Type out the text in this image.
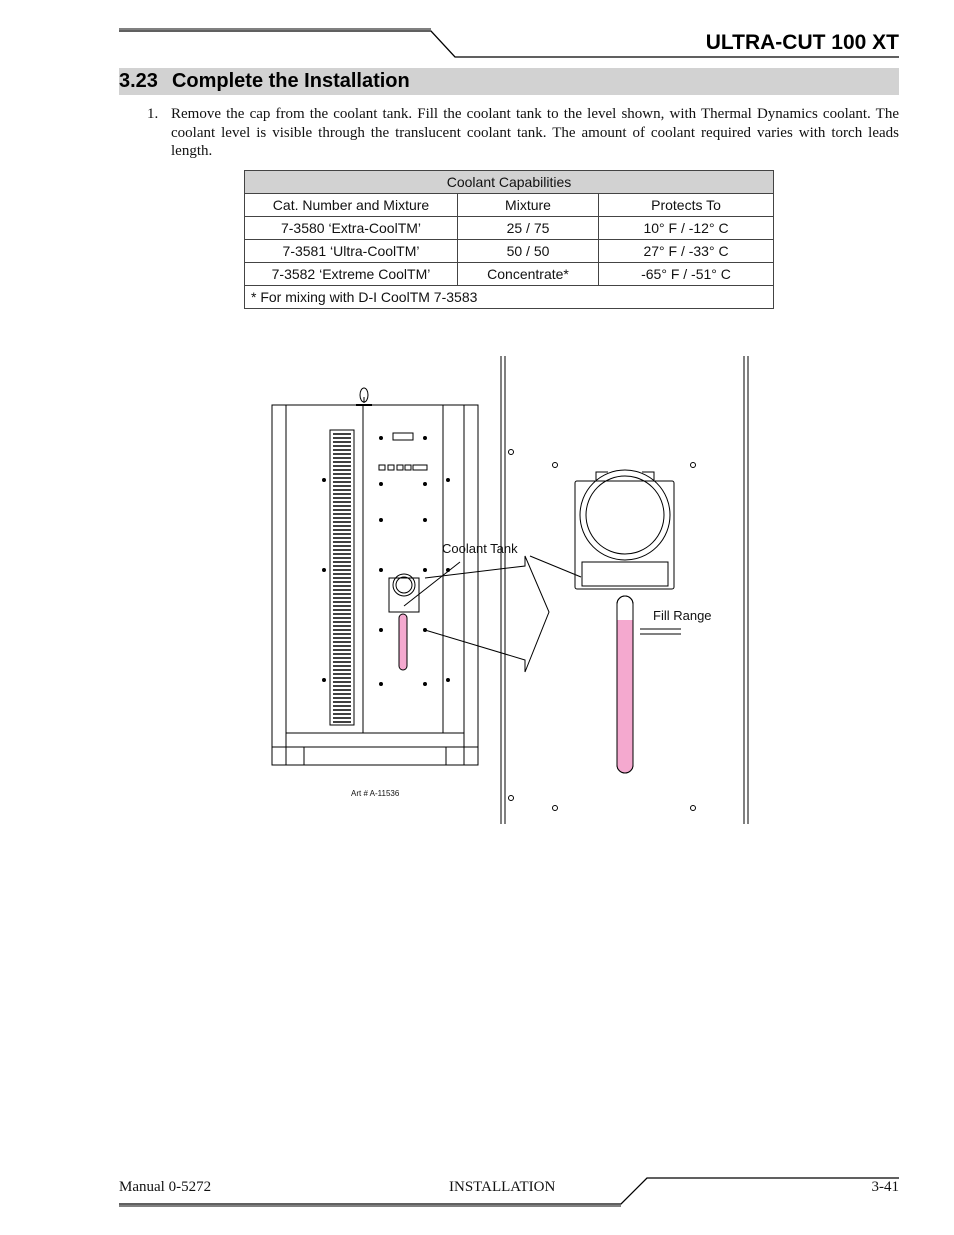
ULTRA-CUT 100 XT
3.23 Complete the Installation
1. Remove the cap from the coolant tank. Fill the coolant tank to the level shown, with Thermal Dynamics coolant. The coolant level is visible through the translucent coolant tank. The amount of coolant required varies with torch leads length.
Coolant Capabilities		
Cat. Number and Mixture	Mixture	Protects To
7-3580 ‘Extra-CoolTM’	25 / 75	10° F / -12° C
7-3581 ‘Ultra-CoolTM’	50 / 50	27° F / -33° C
7-3582 ‘Extreme CoolTM’	Concentrate*	-65° F / -51° C
* For mixing with D-I CoolTM 7-3583		
Coolant Tank
Fill Range
Art # A-11536
Manual 0-5272	INSTALLATION	3-41
